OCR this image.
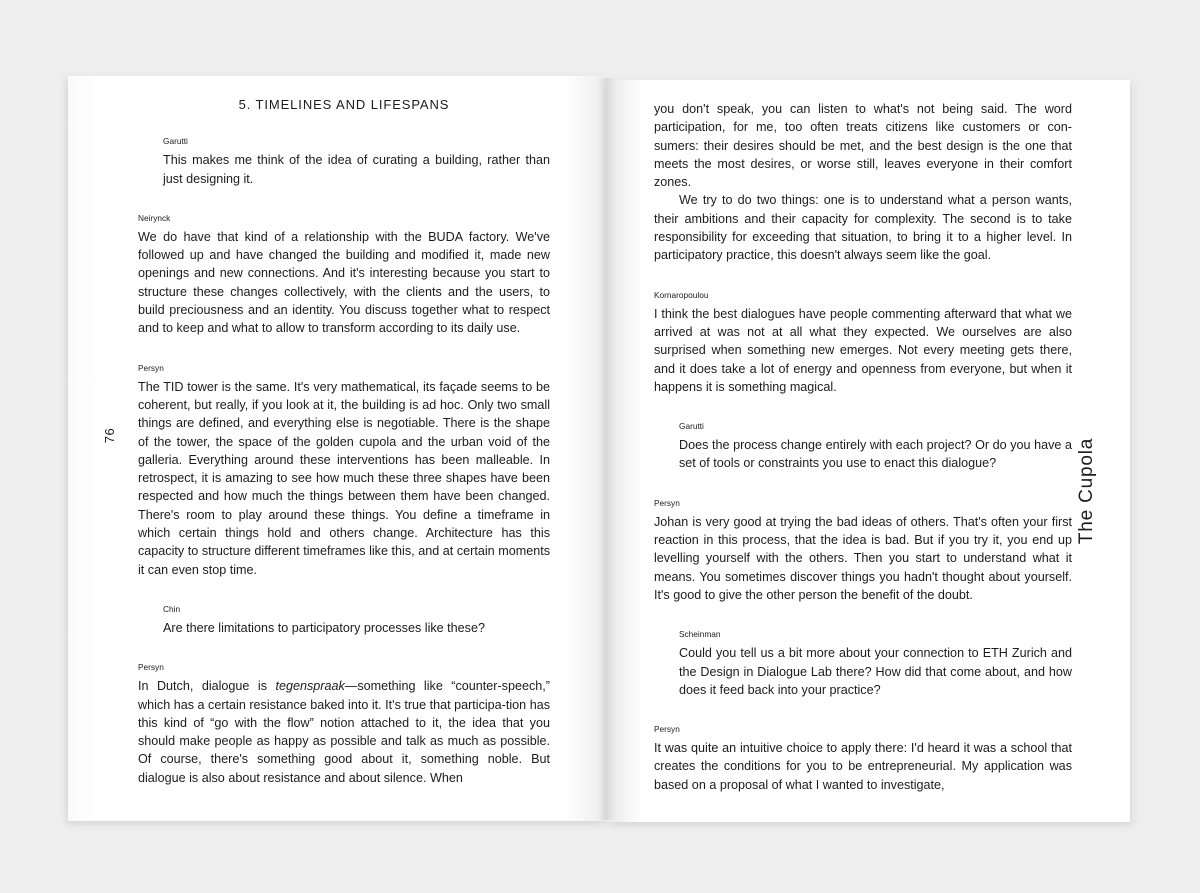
76
5. TIMELINES AND LIFESPANS
Garutti

This makes me think of the idea of curating a building, rather than just designing it.

Neirynck

We do have that kind of a relationship with the BUDA factory. We've followed up and have changed the building and modified it, made new openings and new connections. And it's interesting because you start to structure these changes collectively, with the clients and the users, to build preciousness and an identity. You discuss together what to respect and to keep and what to allow to transform according to its daily use.

Persyn

The TID tower is the same. It's very mathematical, its façade seems to be coherent, but really, if you look at it, the building is ad hoc. Only two small things are defined, and everything else is negotiable. There is the shape of the tower, the space of the golden cupola and the urban void of the galleria. Everything around these interventions has been malleable. In retrospect, it is amazing to see how much these three shapes have been respected and how much the things between them have been changed. There's room to play around these things. You define a timeframe in which certain things hold and others change. Architecture has this capacity to structure different timeframes like this, and at certain moments it can even stop time.

Chin

Are there limitations to participatory processes like these?

Persyn

In Dutch, dialogue is tegenspraak—something like “counter-speech,” which has a certain resistance baked into it. It's true that participa-tion has this kind of “go with the flow” notion attached to it, the idea that you should make people as happy as possible and talk as much as possible. Of course, there's something good about it, something noble. But dialogue is also about resistance and about silence. When

The Cupola

you don't speak, you can listen to what's not being said. The word participation, for me, too often treats citizens like customers or con-sumers: their desires should be met, and the best design is the one that meets the most desires, or worse still, leaves everyone in their comfort zones.

We try to do two things: one is to understand what a person wants, their ambitions and their capacity for complexity. The second is to take responsibility for exceeding that situation, to bring it to a higher level. In participatory practice, this doesn't always seem like the goal.

Kornaropoulou

I think the best dialogues have people commenting afterward that what we arrived at was not at all what they expected. We ourselves are also surprised when something new emerges. Not every meeting gets there, and it does take a lot of energy and openness from everyone, but when it happens it is something magical.

Garutti

Does the process change entirely with each project? Or do you have a set of tools or constraints you use to enact this dialogue?

Persyn

Johan is very good at trying the bad ideas of others. That's often your first reaction in this process, that the idea is bad. But if you try it, you end up levelling yourself with the others. Then you start to understand what it means. You sometimes discover things you hadn't thought about yourself. It's good to give the other person the benefit of the doubt.

Scheinman

Could you tell us a bit more about your connection to ETH Zurich and the Design in Dialogue Lab there? How did that come about, and how does it feed back into your practice?

Persyn

It was quite an intuitive choice to apply there: I'd heard it was a school that creates the conditions for you to be entrepreneurial. My application was based on a proposal of what I wanted to investigate,
